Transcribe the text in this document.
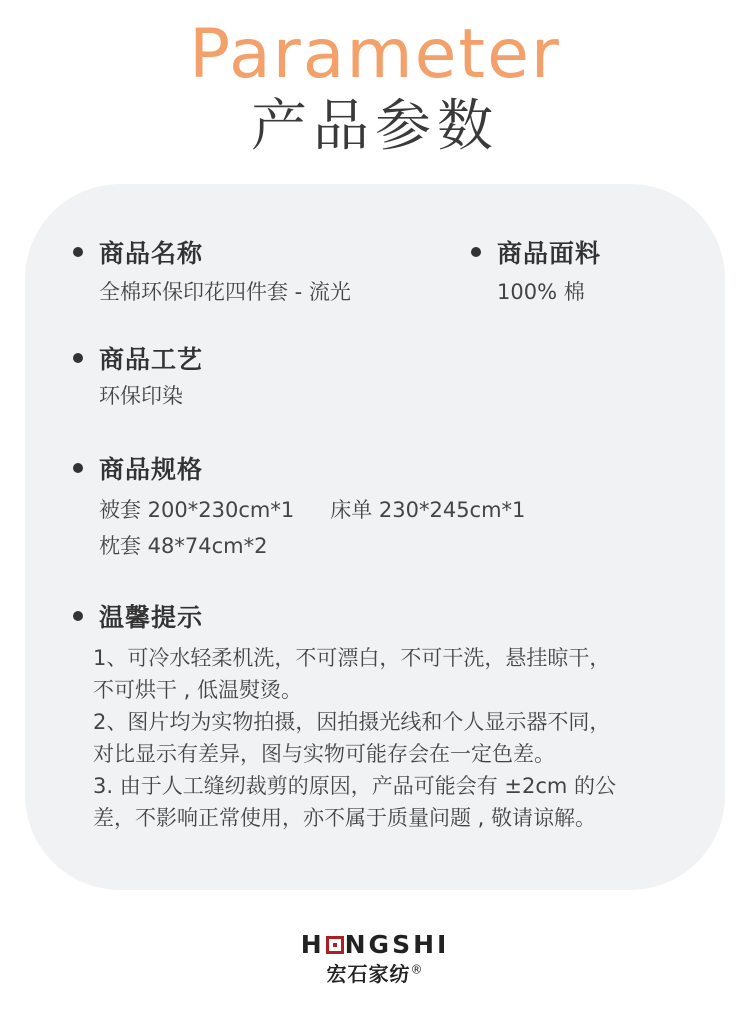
Parameter
产品参数
商品名称
全棉环保印花四件套 - 流光
商品面料
100% 棉
商品工艺
环保印染
商品规格
被套 200*230cm*1 床单 230*245cm*1
枕套 48*74cm*2
温馨提示
1、可冷水轻柔机洗，不可漂白，不可干洗，悬挂晾干，
不可烘干 , 低温熨烫。
2、图片均为实物拍摄，因拍摄光线和个人显示器不同，
对比显示有差异，图与实物可能存会在一定色差。
3. 由于人工缝纫裁剪的原因，产品可能会有 ±2cm 的公
差，不影响正常使用，亦不属于质量问题 , 敬请谅解。
H NGSHI
宏石家纺®
